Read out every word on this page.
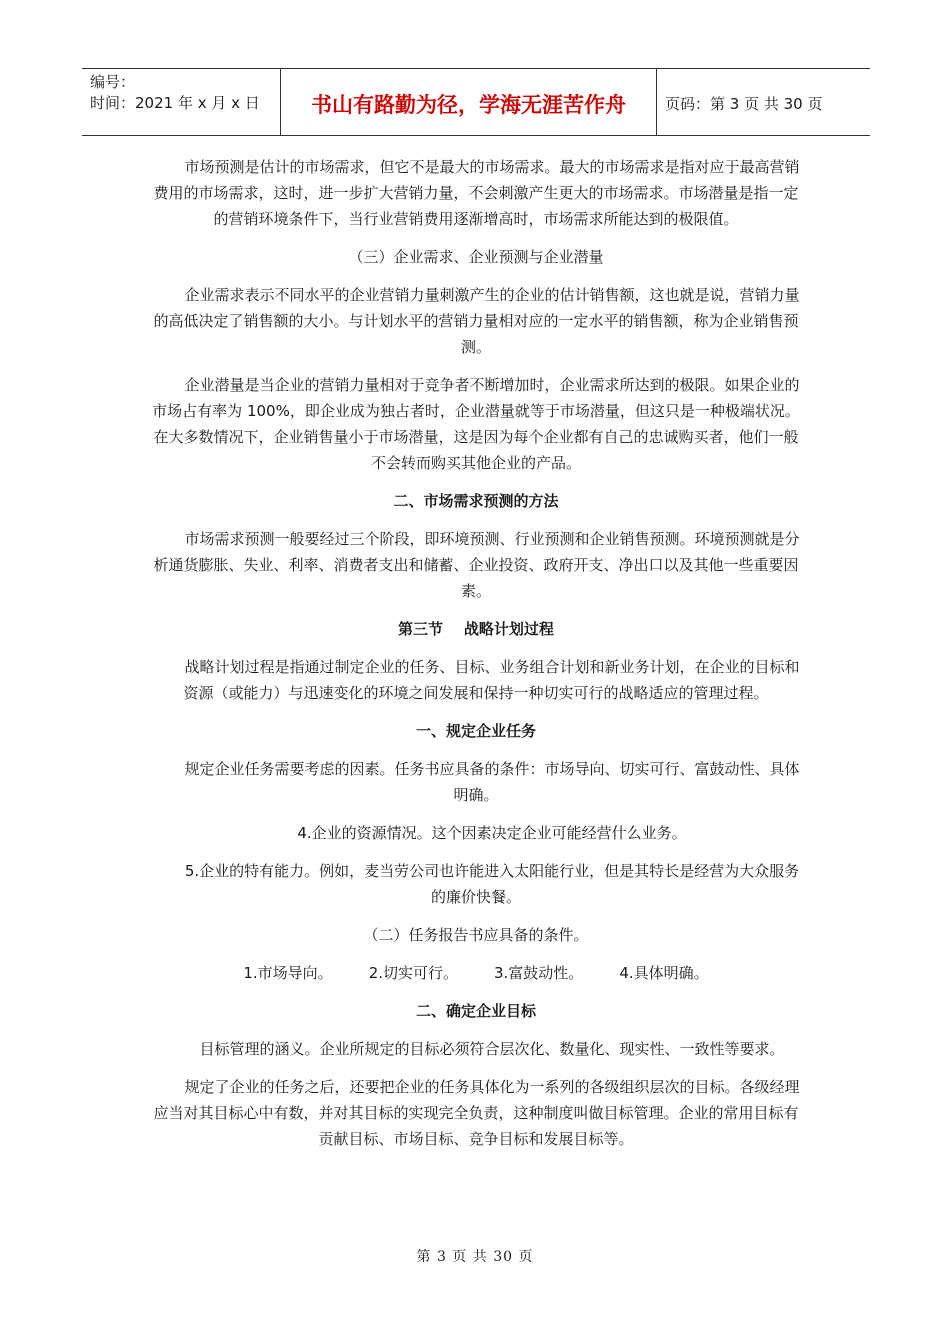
编号：
时间：2021 年 x 月 x 日	书山有路勤为径，学海无涯苦作舟	页码：第 3 页 共 30 页

市场预测是估计的市场需求，但它不是最大的市场需求。最大的市场需求是指对应于最高营销费用的市场需求，这时，进一步扩大营销力量，不会刺激产生更大的市场需求。市场潜量是指一定的营销环境条件下，当行业营销费用逐渐增高时，市场需求所能达到的极限值。

（三）企业需求、企业预测与企业潜量

企业需求表示不同水平的企业营销力量刺激产生的企业的估计销售额，这也就是说，营销力量的高低决定了销售额的大小。与计划水平的营销力量相对应的一定水平的销售额，称为企业销售预测。

企业潜量是当企业的营销力量相对于竞争者不断增加时，企业需求所达到的极限。如果企业的市场占有率为 100%，即企业成为独占者时，企业潜量就等于市场潜量，但这只是一种极端状况。在大多数情况下，企业销售量小于市场潜量，这是因为每个企业都有自己的忠诚购买者，他们一般不会转而购买其他企业的产品。

二、市场需求预测的方法

市场需求预测一般要经过三个阶段，即环境预测、行业预测和企业销售预测。环境预测就是分析通货膨胀、失业、利率、消费者支出和储蓄、企业投资、政府开支、净出口以及其他一些重要因素。

第三节    战略计划过程

战略计划过程是指通过制定企业的任务、目标、业务组合计划和新业务计划，在企业的目标和资源（或能力）与迅速变化的环境之间发展和保持一种切实可行的战略适应的管理过程。

一、规定企业任务

规定企业任务需要考虑的因素。任务书应具备的条件：市场导向、切实可行、富鼓动性、具体明确。

4.企业的资源情况。这个因素决定企业可能经营什么业务。

5.企业的特有能力。例如，麦当劳公司也许能进入太阳能行业，但是其特长是经营为大众服务的廉价快餐。

（二）任务报告书应具备的条件。

1.市场导向。 2.切实可行。 3.富鼓动性。 4.具体明确。

二、确定企业目标

目标管理的涵义。企业所规定的目标必须符合层次化、数量化、现实性、一致性等要求。

规定了企业的任务之后，还要把企业的任务具体化为一系列的各级组织层次的目标。各级经理应当对其目标心中有数，并对其目标的实现完全负责，这种制度叫做目标管理。企业的常用目标有贡献目标、市场目标、竞争目标和发展目标等。

第 3 页 共 30 页
